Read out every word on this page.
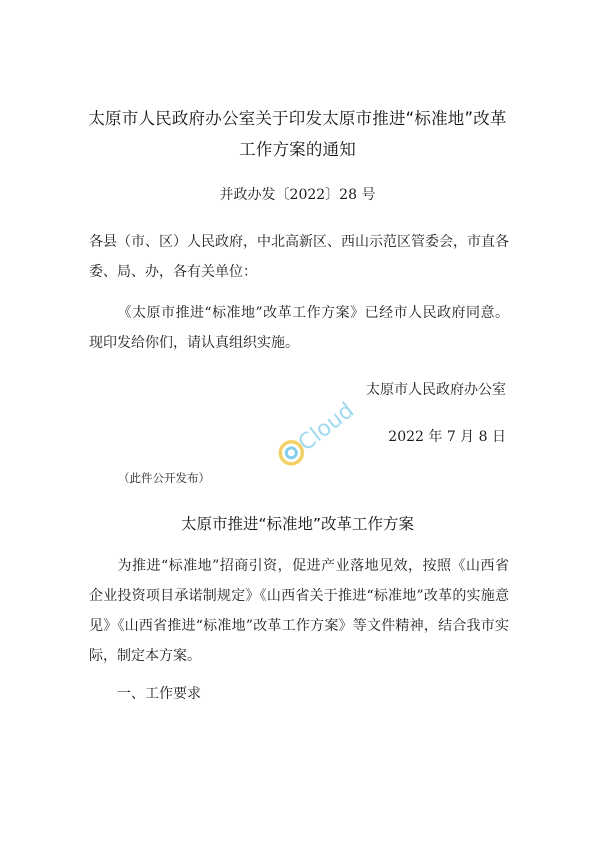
太原市人民政府办公室关于印发太原市推进“标准地”改革
工作方案的通知
并政办发〔2022〕28 号
各县（市、区）人民政府，中北高新区、西山示范区管委会，市直各委、局、办，各有关单位：
《太原市推进“标准地”改革工作方案》已经市人民政府同意。现印发给你们，请认真组织实施。
太原市人民政府办公室
Cloud 2022 年 7 月 8 日
（此件公开发布）
太原市推进“标准地”改革工作方案
为推进“标准地”招商引资，促进产业落地见效，按照《山西省企业投资项目承诺制规定》《山西省关于推进“标准地”改革的实施意见》《山西省推进“标准地”改革工作方案》等文件精神，结合我市实际，制定本方案。
一、工作要求
